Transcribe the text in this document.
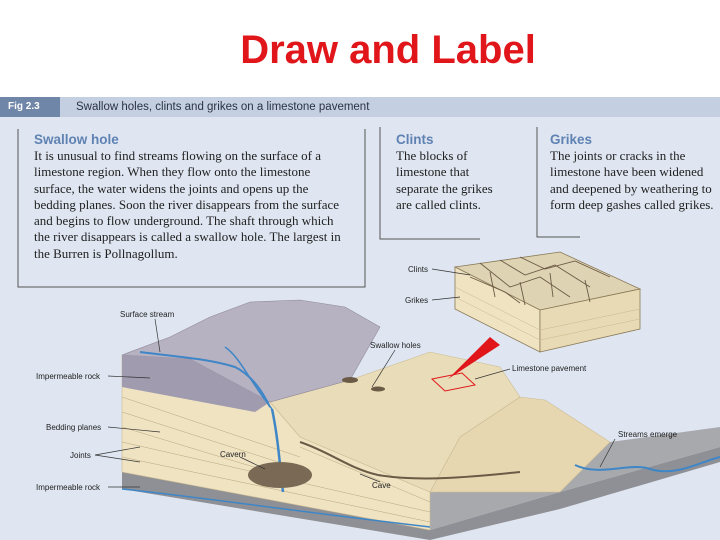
Draw and Label
Fig 2.3	Swallow holes, clints and grikes on a limestone pavement
Clints
Grikes
Surface stream
Swallow holes
Limestone pavement
Impermeable rock
Bedding planes
Joints	Cavern
Cave
Streams emerge
Impermeable rock
Swallow hole

It is unusual to find streams flowing on the surface of a limestone region. When they flow onto the limestone surface, the water widens the joints and opens up the bedding planes. Soon the river disappears from the surface and begins to flow underground. The shaft through which the river disappears is called a swallow hole. The largest in the Burren is Pollnagollum.

Clints

The blocks of limestone that separate the grikes are called clints.

Grikes

The joints or cracks in the limestone have been widened and deepened by weathering to form deep gashes called grikes.
